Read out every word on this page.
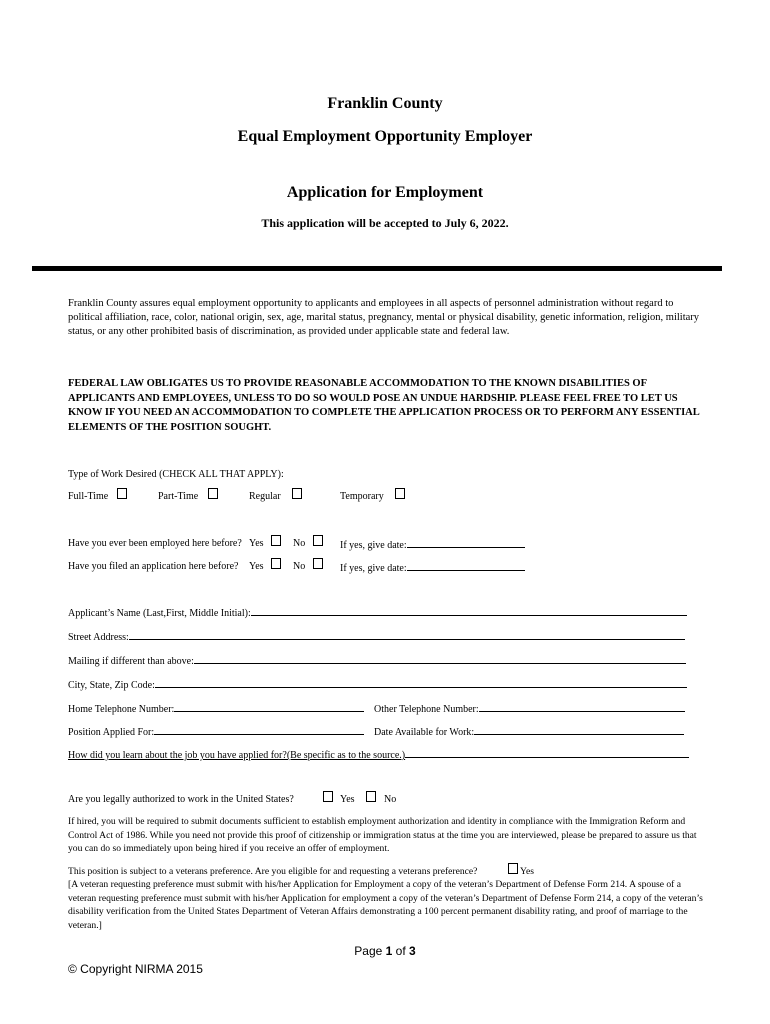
Franklin County
Equal Employment Opportunity Employer
Application for Employment
This application will be accepted to July 6, 2022.
Franklin County assures equal employment opportunity to applicants and employees in all aspects of personnel administration without regard to political affiliation, race, color, national origin, sex, age, marital status, pregnancy, mental or physical disability, genetic information, religion, military status, or any other prohibited basis of discrimination, as provided under applicable state and federal law.
FEDERAL LAW OBLIGATES US TO PROVIDE REASONABLE ACCOMMODATION TO THE KNOWN DISABILITIES OF APPLICANTS AND EMPLOYEES, UNLESS TO DO SO WOULD POSE AN UNDUE HARDSHIP. PLEASE FEEL FREE TO LET US KNOW IF YOU NEED AN ACCOMMODATION TO COMPLETE THE APPLICATION PROCESS OR TO PERFORM ANY ESSENTIAL ELEMENTS OF THE POSITION SOUGHT.
Type of Work Desired (CHECK ALL THAT APPLY):
Full-Time	Part-Time	Regular	Temporary
Have you ever been employed here before? Yes	No	If yes, give date:
Have you filed an application here before? Yes	No	If yes, give date:
Applicant’s Name (Last,First, Middle Initial):
Street Address:
Mailing if different than above:
City, State, Zip Code:
Home Telephone Number:	Other Telephone Number:
Position Applied For:	Date Available for Work:
How did you learn about the job you have applied for?(Be specific as to the source.)
Are you legally authorized to work in the United States?	Yes	No
If hired, you will be required to submit documents sufficient to establish employment authorization and identity in compliance with the Immigration Reform and Control Act of 1986. While you need not provide this proof of citizenship or immigration status at the time you are interviewed, please be prepared to assure us that you can do so immediately upon being hired if you receive an offer of employment.
This position is subject to a veterans preference. Are you eligible for and requesting a veterans preference?	Yes
[A veteran requesting preference must submit with his/her Application for Employment a copy of the veteran’s Department of Defense Form 214. A spouse of a veteran requesting preference must submit with his/her Application for employment a copy of the veteran’s Department of Defense Form 214, a copy of the veteran’s disability verification from the United States Department of Veteran Affairs demonstrating a 100 percent permanent disability rating, and proof of marriage to the veteran.]
Page 1 of 3
© Copyright NIRMA 2015
